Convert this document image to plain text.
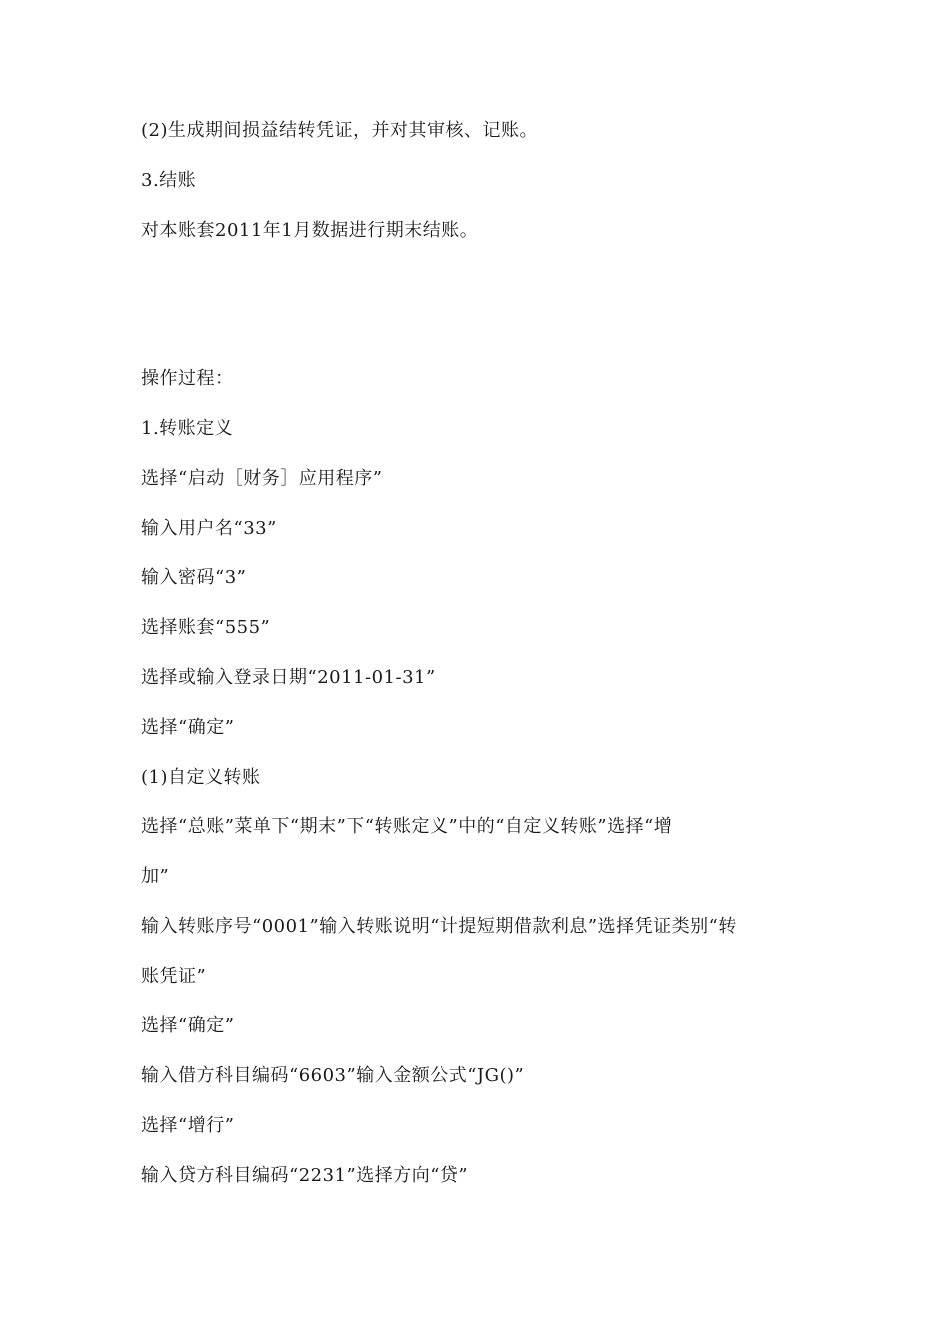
(2)生成期间损益结转凭证，并对其审核、记账。
3.结账
对本账套2011年1月数据进行期末结账。
操作过程：
1.转账定义
选择“启动［财务］应用程序”
输入用户名“33”
输入密码“3”
选择账套“555”
选择或输入登录日期“2011-01-31”
选择“确定”
(1)自定义转账
选择“总账”菜单下“期末”下“转账定义”中的“自定义转账”选择“增
加”
输入转账序号“0001”输入转账说明“计提短期借款利息”选择凭证类别“转
账凭证”
选择“确定”
输入借方科目编码“6603”输入金额公式“JG()”
选择“增行”
输入贷方科目编码“2231”选择方向“贷”
